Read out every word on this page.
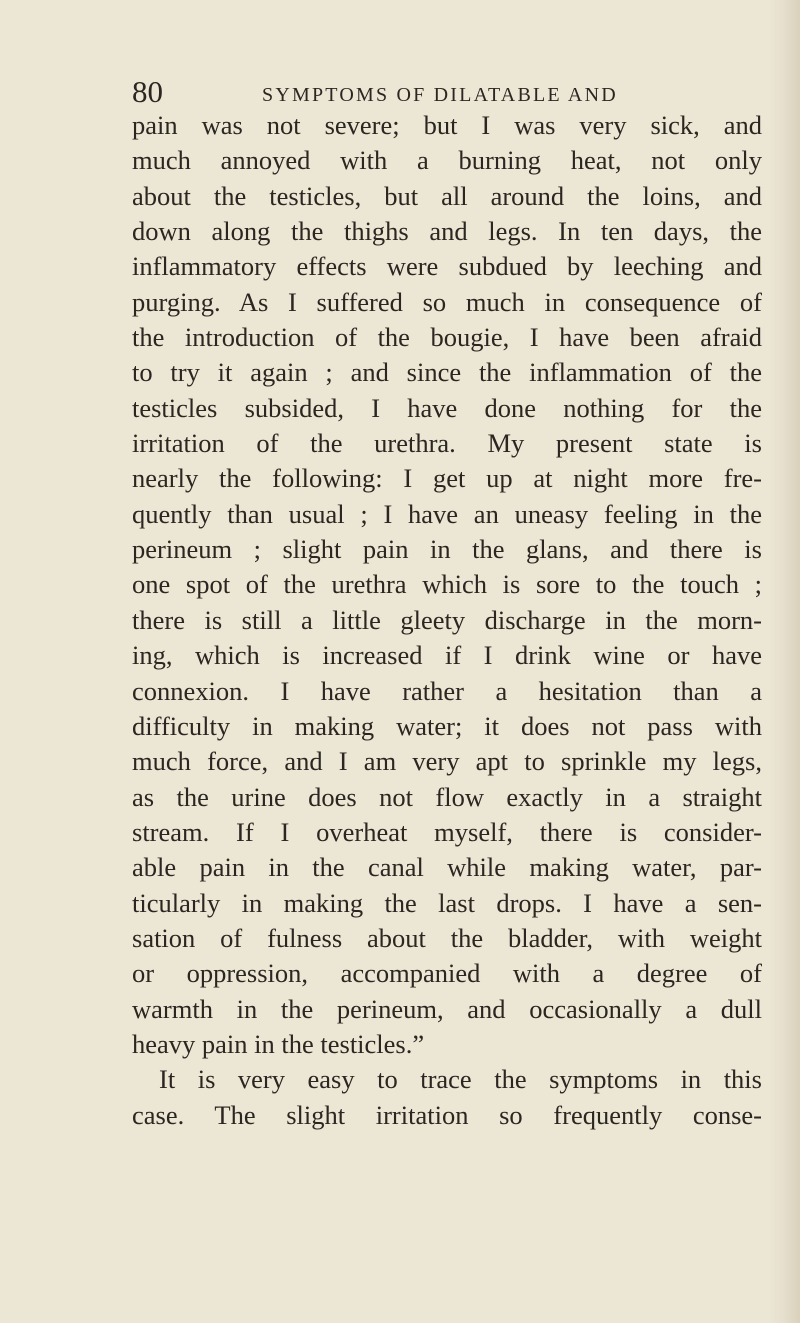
80	SYMPTOMS OF DILATABLE AND
pain was not severe; but I was very sick, and
much annoyed with a burning heat, not only
about the testicles, but all around the loins, and
down along the thighs and legs. In ten days, the
inflammatory effects were subdued by leeching and
purging. As I suffered so much in consequence of
the introduction of the bougie, I have been afraid
to try it again ; and since the inflammation of the
testicles subsided, I have done nothing for the
irritation of the urethra. My present state is
nearly the following: I get up at night more fre-
quently than usual ; I have an uneasy feeling in the
perineum ; slight pain in the glans, and there is
one spot of the urethra which is sore to the touch ;
there is still a little gleety discharge in the morn-
ing, which is increased if I drink wine or have
connexion. I have rather a hesitation than a
difficulty in making water; it does not pass with
much force, and I am very apt to sprinkle my legs,
as the urine does not flow exactly in a straight
stream. If I overheat myself, there is consider-
able pain in the canal while making water, par-
ticularly in making the last drops. I have a sen-
sation of fulness about the bladder, with weight
or oppression, accompanied with a degree of
warmth in the perineum, and occasionally a dull
heavy pain in the testicles.”
It is very easy to trace the symptoms in this
case. The slight irritation so frequently conse-
